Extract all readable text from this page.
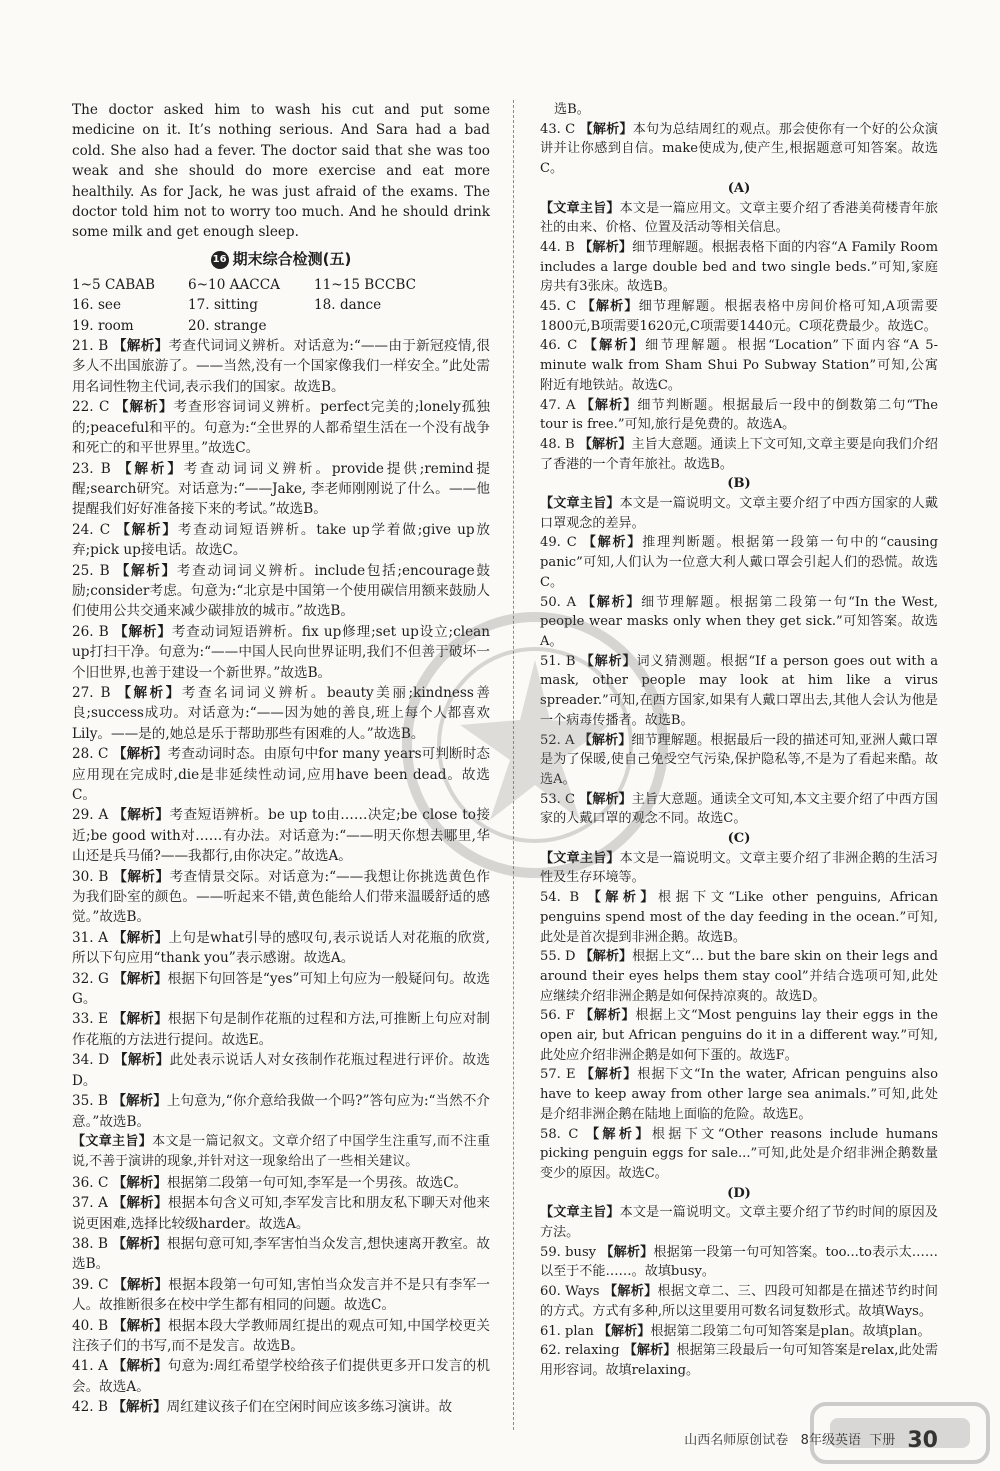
The doctor asked him to wash his cut and put some medicine on it. It’s nothing serious. And Sara had a bad cold. She also had a fever. The doctor said that she was too weak and she should do more exercise and eat more healthily. As for Jack, he was just afraid of the exams. The doctor told him not to worry too much. And he should drink some milk and get enough sleep.

16 期末综合检测(五)
1~5 CABAB	6~10 AACCA	11~15 BCCBC
16. see	17. sitting	18. dance
19. room	20. strange

21. B 【解析】考查代词词义辨析。对话意为:“——由于新冠疫情,很多人不出国旅游了。——当然,没有一个国家像我们一样安全。”此处需用名词性物主代词,表示我们的国家。故选B。

22. C 【解析】考查形容词词义辨析。perfect完美的;lonely孤独的;peaceful和平的。句意为:“全世界的人都希望生活在一个没有战争和死亡的和平世界里。”故选C。

23. B 【解析】考查动词词义辨析。provide提供;remind提醒;search研究。对话意为:“——Jake, 李老师刚刚说了什么。——他提醒我们好好准备接下来的考试。”故选B。

24. C 【解析】考查动词短语辨析。take up学着做;give up放弃;pick up接电话。故选C。

25. B 【解析】考查动词词义辨析。include包括;encourage鼓励;consider考虑。句意为:“北京是中国第一个使用碳信用额来鼓励人们使用公共交通来减少碳排放的城市。”故选B。

26. B 【解析】考查动词短语辨析。fix up修理;set up设立;clean up打扫干净。句意为:“——中国人民向世界证明,我们不但善于破坏一个旧世界,也善于建设一个新世界。”故选B。

27. B 【解析】考查名词词义辨析。beauty美丽;kindness善良;success成功。对话意为:“——因为她的善良,班上每个人都喜欢Lily。——是的,她总是乐于帮助那些有困难的人。”故选B。

28. C 【解析】考查动词时态。由原句中for many years可判断时态应用现在完成时,die是非延续性动词,应用have been dead。故选C。

29. A 【解析】考查短语辨析。be up to由……决定;be close to接近;be good with对……有办法。对话意为:“——明天你想去哪里,华山还是兵马俑?——我都行,由你决定。”故选A。

30. B 【解析】考查情景交际。对话意为:“——我想让你挑选黄色作为我们卧室的颜色。——听起来不错,黄色能给人们带来温暖舒适的感觉。”故选B。

31. A 【解析】上句是what引导的感叹句,表示说话人对花瓶的欣赏,所以下句应用“thank you”表示感谢。故选A。

32. G 【解析】根据下句回答是“yes”可知上句应为一般疑问句。故选G。

33. E 【解析】根据下句是制作花瓶的过程和方法,可推断上句应对制作花瓶的方法进行提问。故选E。

34. D 【解析】此处表示说话人对女孩制作花瓶过程进行评价。故选D。

35. B 【解析】上句意为,“你介意给我做一个吗?”答句应为:“当然不介意。”故选B。

【文章主旨】本文是一篇记叙文。文章介绍了中国学生注重写,而不注重说,不善于演讲的现象,并针对这一现象给出了一些相关建议。

36. C 【解析】根据第二段第一句可知,李军是一个男孩。故选C。

37. A 【解析】根据本句含义可知,李军发言比和朋友私下聊天对他来说更困难,选择比较级harder。故选A。

38. B 【解析】根据句意可知,李军害怕当众发言,想快速离开教室。故选B。

39. C 【解析】根据本段第一句可知,害怕当众发言并不是只有李军一人。故推断很多在校中学生都有相同的问题。故选C。

40. B 【解析】根据本段大学教师周红提出的观点可知,中国学校更关注孩子们的书写,而不是发言。故选B。

41. A 【解析】句意为:周红希望学校给孩子们提供更多开口发言的机会。故选A。

42. B 【解析】周红建议孩子们在空闲时间应该多练习演讲。故

选B。

43. C 【解析】本句为总结周红的观点。那会使你有一个好的公众演讲并让你感到自信。make使成为,使产生,根据题意可知答案。故选C。

(A)

【文章主旨】本文是一篇应用文。文章主要介绍了香港美荷楼青年旅社的由来、价格、位置及活动等相关信息。

44. B 【解析】细节理解题。根据表格下面的内容“A Family Room includes a large double bed and two single beds.”可知,家庭房共有3张床。故选B。

45. C 【解析】细节理解题。根据表格中房间价格可知,A项需要1800元,B项需要1620元,C项需要1440元。C项花费最少。故选C。

46. C 【解析】细节理解题。根据“Location”下面内容“A 5-minute walk from Sham Shui Po Subway Station”可知,公寓附近有地铁站。故选C。

47. A 【解析】细节判断题。根据最后一段中的倒数第二句“The tour is free.”可知,旅行是免费的。故选A。

48. B 【解析】主旨大意题。通读上下文可知,文章主要是向我们介绍了香港的一个青年旅社。故选B。

(B)

【文章主旨】本文是一篇说明文。文章主要介绍了中西方国家的人戴口罩观念的差异。

49. C 【解析】推理判断题。根据第一段第一句中的“causing panic”可知,人们认为一位意大利人戴口罩会引起人们的恐慌。故选C。

50. A 【解析】细节理解题。根据第二段第一句“In the West, people wear masks only when they get sick.”可知答案。故选A。

51. B 【解析】词义猜测题。根据“If a person goes out with a mask, other people may look at him like a virus spreader.”可知,在西方国家,如果有人戴口罩出去,其他人会认为他是一个病毒传播者。故选B。

52. A 【解析】细节理解题。根据最后一段的描述可知,亚洲人戴口罩是为了保暖,使自己免受空气污染,保护隐私等,不是为了看起来酷。故选A。

53. C 【解析】主旨大意题。通读全文可知,本文主要介绍了中西方国家的人戴口罩的观念不同。故选C。

(C)

【文章主旨】本文是一篇说明文。文章主要介绍了非洲企鹅的生活习性及生存环境等。

54. B 【解析】根据下文“Like other penguins, African penguins spend most of the day feeding in the ocean.”可知,此处是首次提到非洲企鹅。故选B。

55. D 【解析】根据上文“... but the bare skin on their legs and around their eyes helps them stay cool”并结合选项可知,此处应继续介绍非洲企鹅是如何保持凉爽的。故选D。

56. F 【解析】根据上文“Most penguins lay their eggs in the open air, but African penguins do it in a different way.”可知,此处应介绍非洲企鹅是如何下蛋的。故选F。

57. E 【解析】根据下文“In the water, African penguins also have to keep away from other large sea animals.”可知,此处是介绍非洲企鹅在陆地上面临的危险。故选E。

58. C 【解析】根据下文“Other reasons include humans picking penguin eggs for sale...”可知,此处是介绍非洲企鹅数量变少的原因。故选C。

(D)

【文章主旨】本文是一篇说明文。文章主要介绍了节约时间的原因及方法。

59. busy 【解析】根据第一段第一句可知答案。too...to表示太……以至于不能……。故填busy。

60. Ways 【解析】根据文章二、三、四段可知都是在描述节约时间的方式。方式有多种,所以这里要用可数名词复数形式。故填Ways。

61. plan 【解析】根据第二段第二句可知答案是plan。故填plan。

62. relaxing 【解析】根据第三段最后一句可知答案是relax,此处需用形容词。故填relaxing。

山西名师原创试卷 8年级英语 下册 30
